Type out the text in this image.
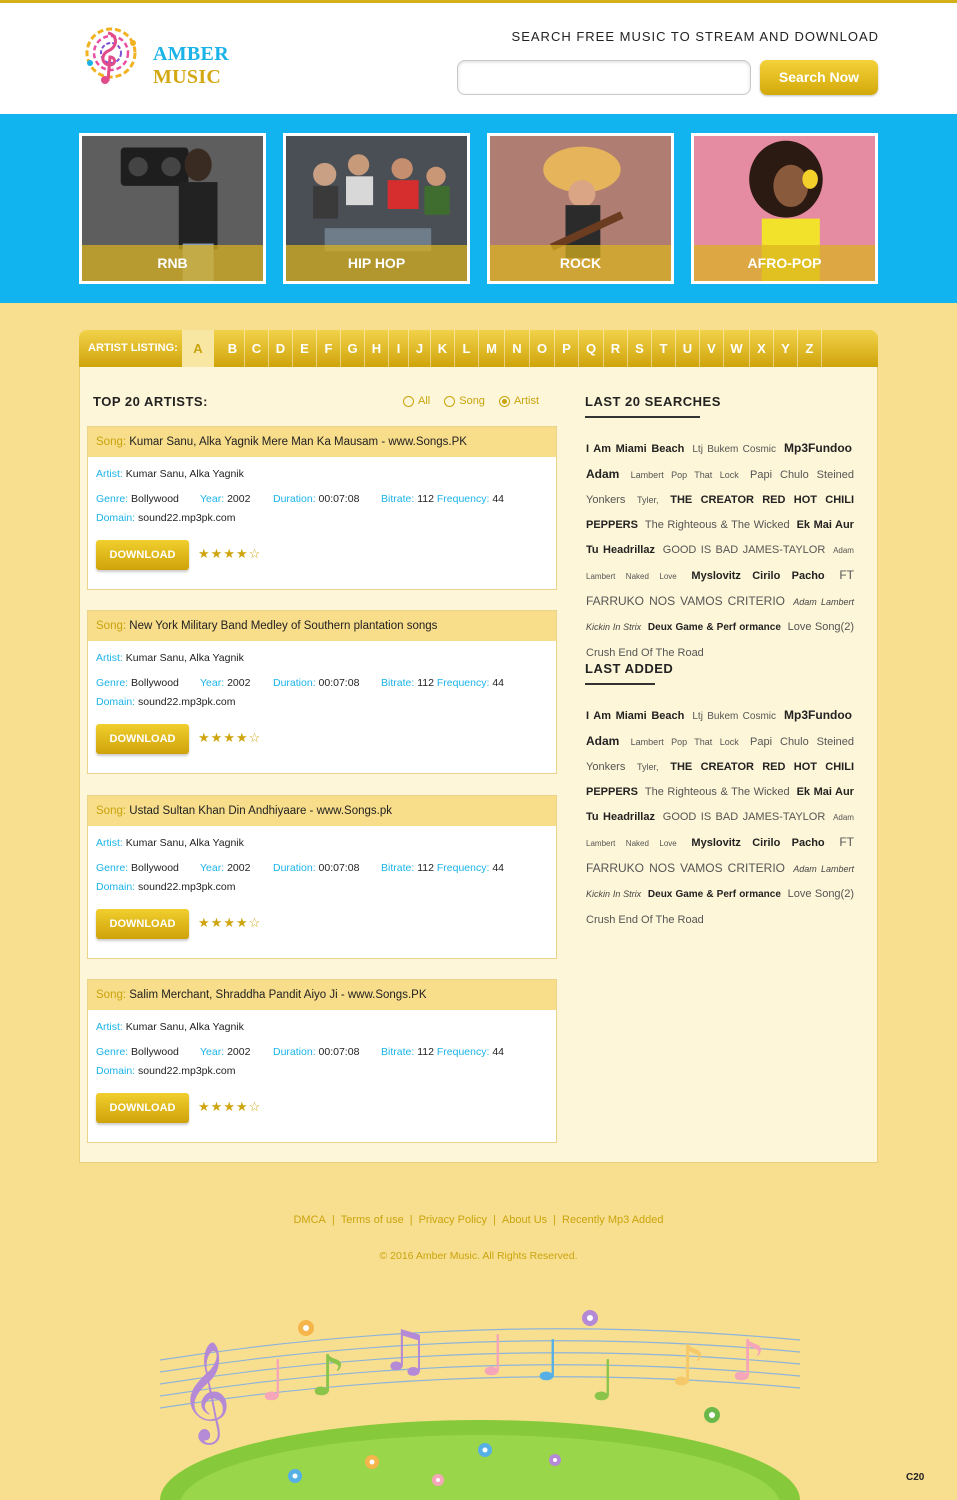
AMBER MUSIC
SEARCH FREE MUSIC TO STREAM AND DOWNLOAD
Search Now
RNB	HIP HOP	ROCK	AFRO-POP
ARTIST LISTING:	A	B	C	D	E	F	G	H	I	J	K	L	M	N	O	P	Q	R	S	T	U	V	W	X	Y	Z
TOP 20 ARTISTS:	All	Song	Artist
Song: Kumar Sanu, Alka Yagnik Mere Man Ka Mausam - www.Songs.PK
Artist: Kumar Sanu, Alka Yagnik
Genre: Bollywood Year: 2002 Duration: 00:07:08 Bitrate: 112 Frequency: 44
Domain: sound22.mp3pk.com
DOWNLOAD	★★★★☆
Song: New York Military Band Medley of Southern plantation songs
Artist: Kumar Sanu, Alka Yagnik
Genre: Bollywood Year: 2002 Duration: 00:07:08 Bitrate: 112 Frequency: 44
Domain: sound22.mp3pk.com
DOWNLOAD	★★★★☆
Song: Ustad Sultan Khan Din Andhiyaare - www.Songs.pk
Artist: Kumar Sanu, Alka Yagnik
Genre: Bollywood Year: 2002 Duration: 00:07:08 Bitrate: 112 Frequency: 44
Domain: sound22.mp3pk.com
DOWNLOAD	★★★★☆
Song: Salim Merchant, Shraddha Pandit Aiyo Ji - www.Songs.PK
Artist: Kumar Sanu, Alka Yagnik
Genre: Bollywood Year: 2002 Duration: 00:07:08 Bitrate: 112 Frequency: 44
Domain: sound22.mp3pk.com
DOWNLOAD	★★★★☆
LAST 20 SEARCHES
I Am Miami Beach Ltj Bukem Cosmic Mp3Fundoo Adam Lambert Pop That Lock Papi Chulo Steined Yonkers Tyler, THE CREATOR RED HOT CHILI PEPPERS The Righteous & The Wicked Ek Mai Aur Tu Headrillaz GOOD IS BAD JAMES-TAYLOR Adam Lambert Naked Love Myslovitz Cirilo Pacho FT FARRUKO NOS VAMOS CRITERIO Adam Lambert Kickin In Strix Deux Game & Perf ormance Love Song(2) Crush End Of The Road
LAST ADDED
I Am Miami Beach Ltj Bukem Cosmic Mp3Fundoo Adam Lambert Pop That Lock Papi Chulo Steined Yonkers Tyler, THE CREATOR RED HOT CHILI PEPPERS The Righteous & The Wicked Ek Mai Aur Tu Headrillaz GOOD IS BAD JAMES-TAYLOR Adam Lambert Naked Love Myslovitz Cirilo Pacho FT FARRUKO NOS VAMOS CRITERIO Adam Lambert Kickin In Strix Deux Game & Perf ormance Love Song(2) Crush End Of The Road
DMCA | Terms of use | Privacy Policy | About Us | Recently Mp3 Added
© 2016 Amber Music. All Rights Reserved.
𝄞 ♩ ♪ ♫ ♩ ♩ ♩ ♪ ♪
C20
